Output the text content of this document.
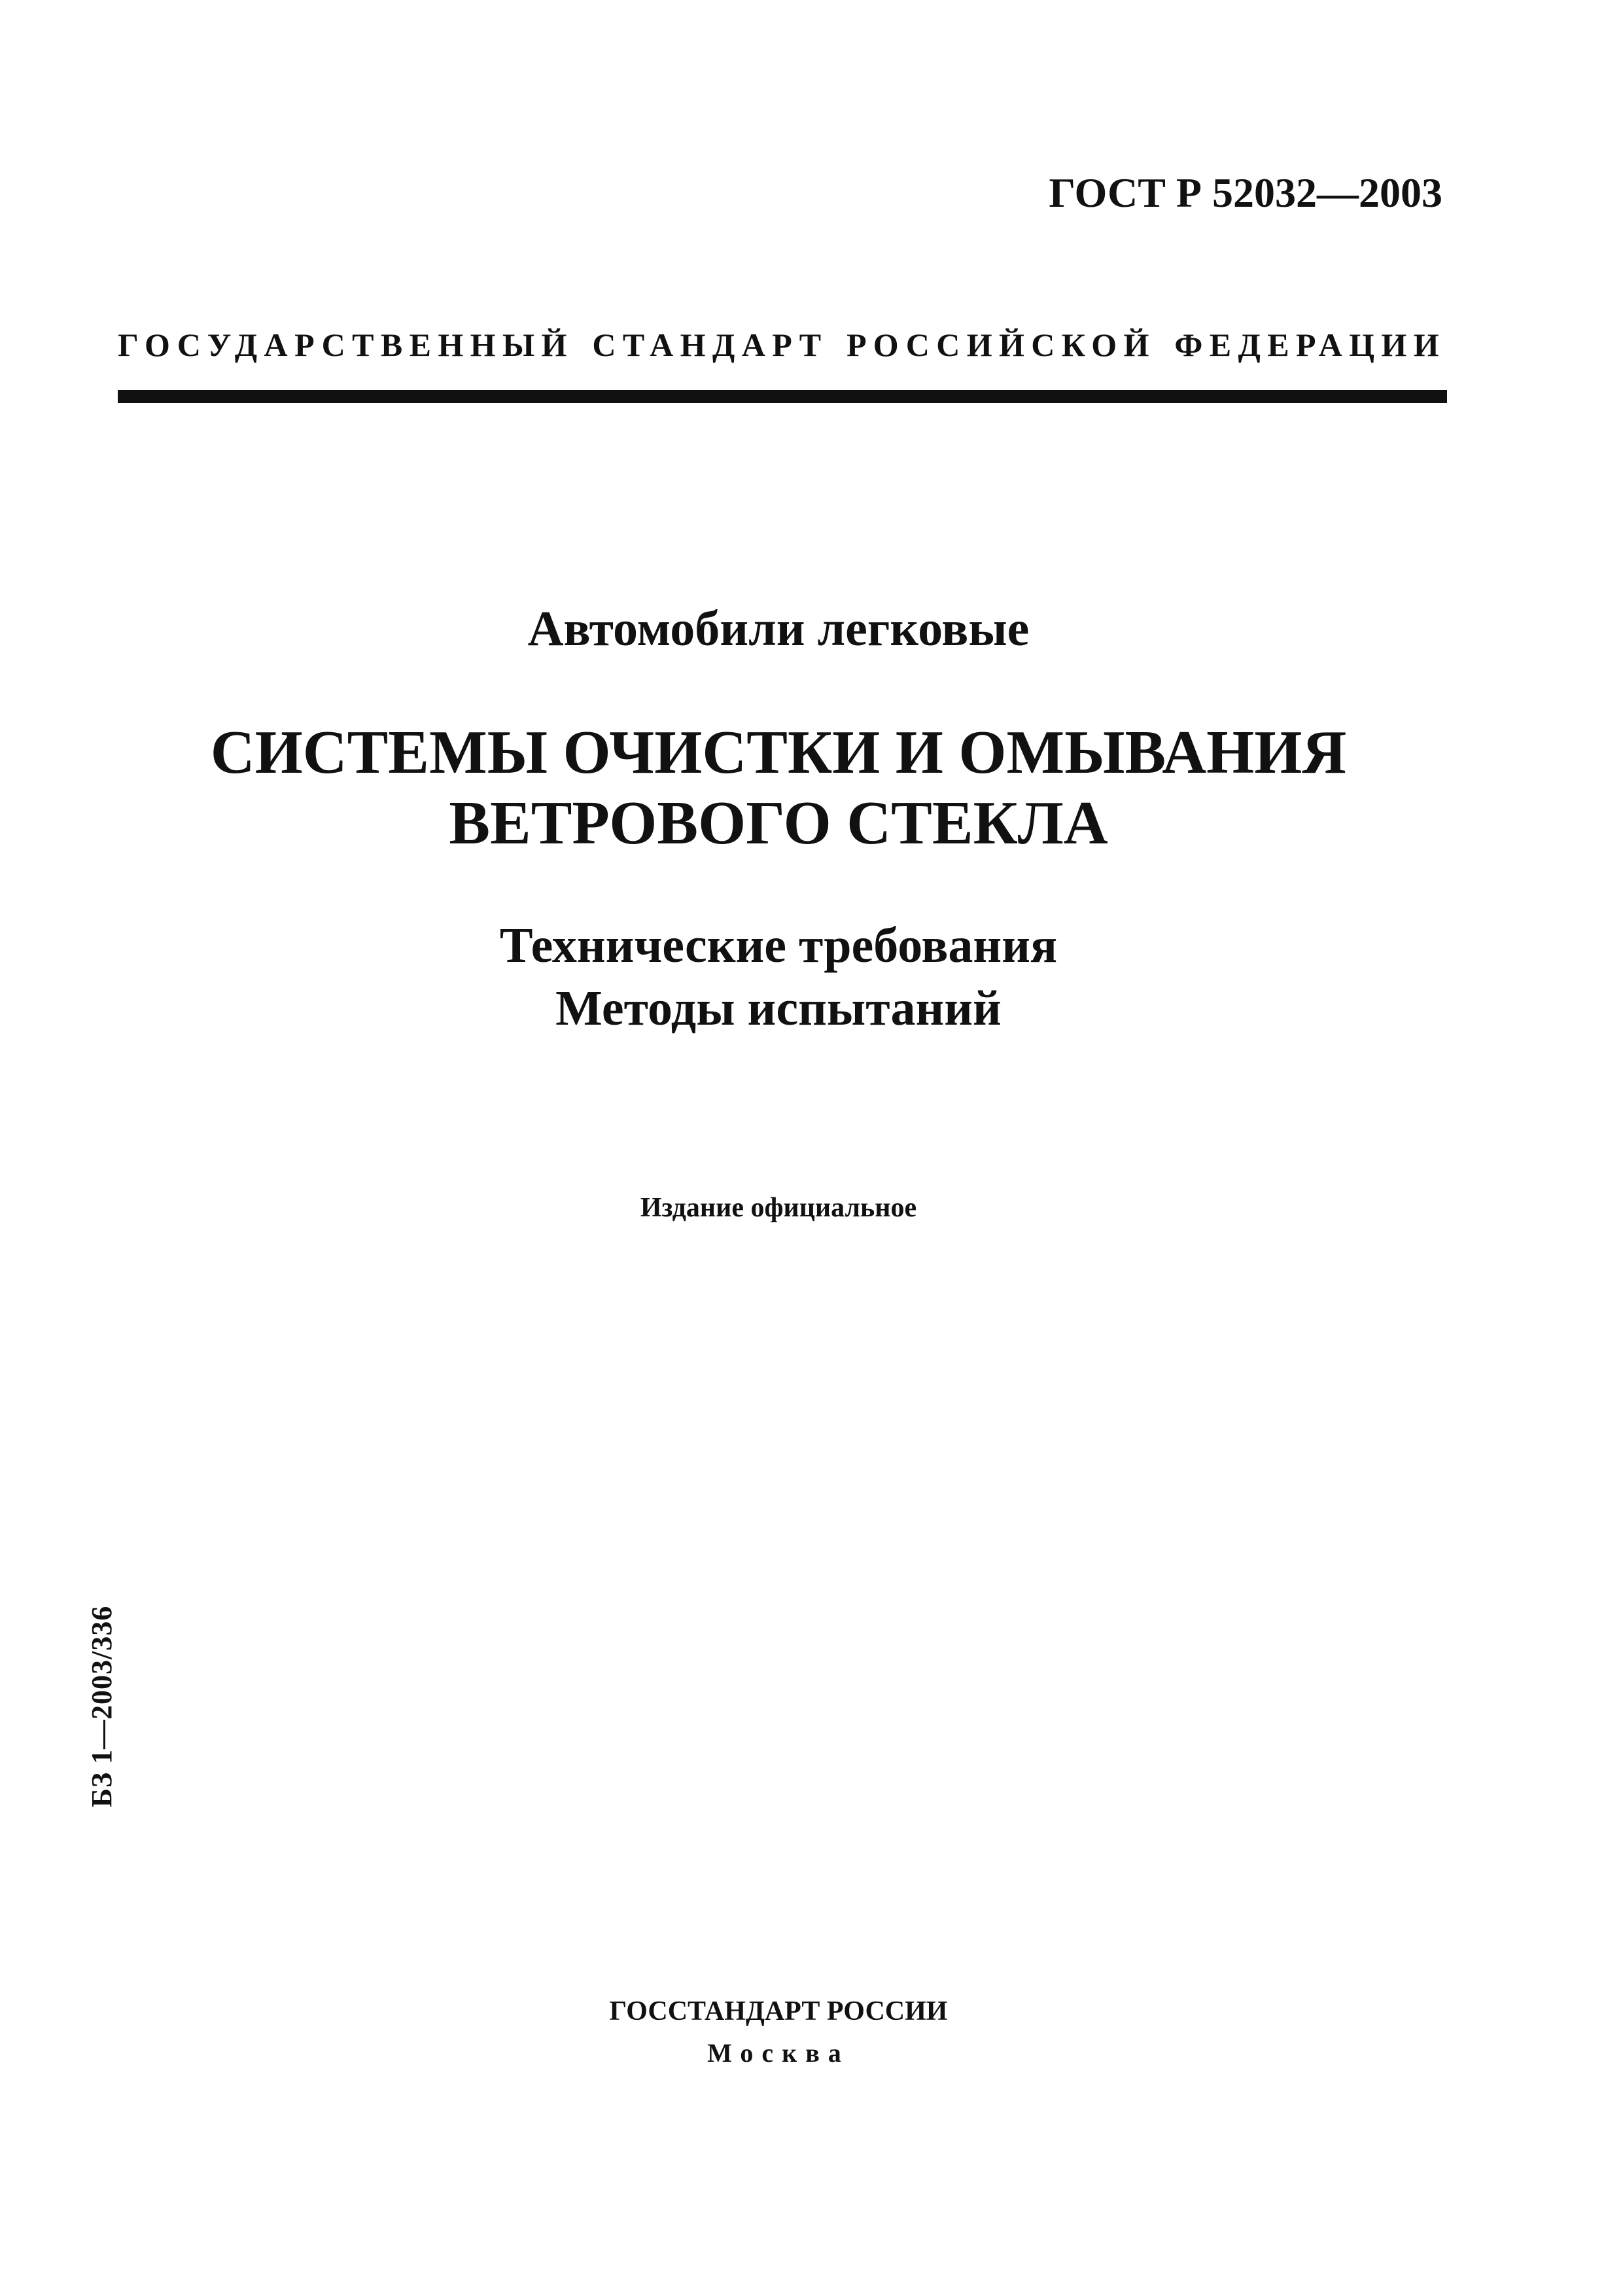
ГОСТ Р 52032—2003
ГОСУДАРСТВЕННЫЙ СТАНДАРТ РОССИЙСКОЙ ФЕДЕРАЦИИ
Автомобили легковые
СИСТЕМЫ ОЧИСТКИ И ОМЫВАНИЯ
ВЕТРОВОГО СТЕКЛА
Технические требования
Методы испытаний
Издание официальное
БЗ 1—2003/336
ГОССТАНДАРТ РОССИИ
Москва
